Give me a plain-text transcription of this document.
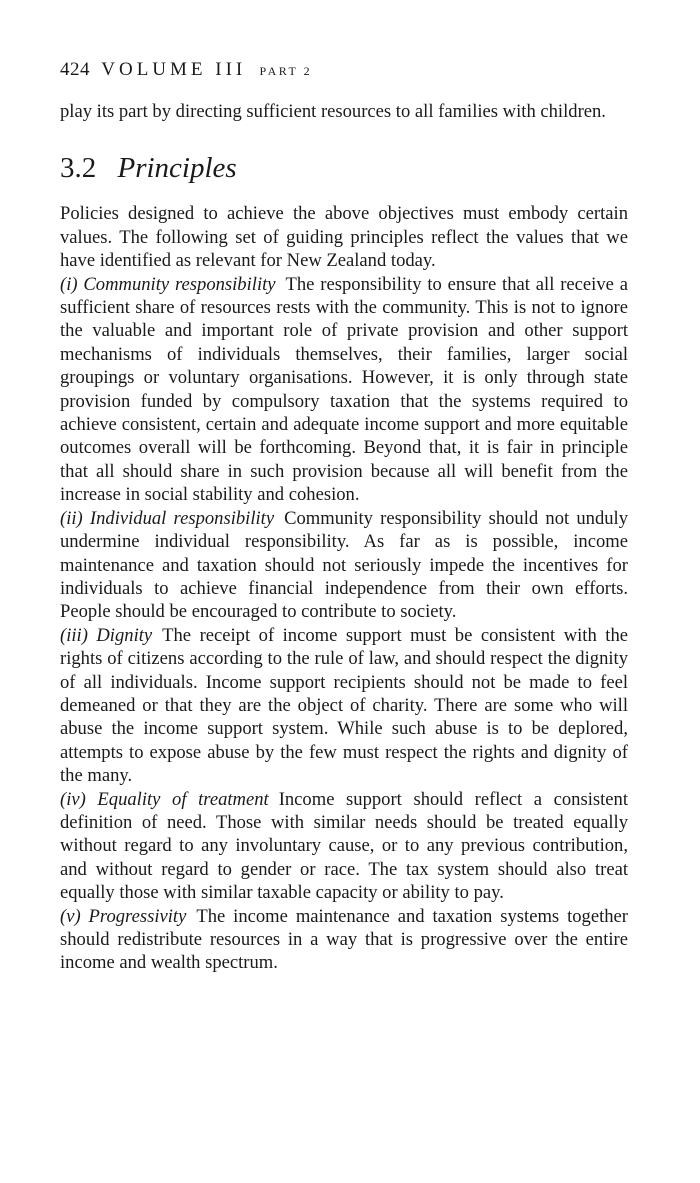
424 VOLUME III PART 2

play its part by directing sufficient resources to all families with children.

3.2 Principles

Policies designed to achieve the above objectives must embody certain values. The following set of guiding principles reflect the values that we have identified as relevant for New Zealand today.

(i) Community responsibility The responsibility to ensure that all receive a sufficient share of resources rests with the community. This is not to ignore the valuable and important role of private provision and other support mechanisms of individuals themselves, their families, larger social groupings or voluntary organisations. However, it is only through state provision funded by compulsory taxation that the systems required to achieve consistent, certain and adequate income support and more equitable outcomes overall will be forthcoming. Beyond that, it is fair in principle that all should share in such provision because all will benefit from the increase in social stability and cohesion.

(ii) Individual responsibility Community responsibility should not unduly undermine individual responsibility. As far as is possible, income maintenance and taxation should not seriously impede the incentives for individuals to achieve financial independence from their own efforts. People should be encouraged to contribute to society.

(iii) Dignity The receipt of income support must be consistent with the rights of citizens according to the rule of law, and should respect the dignity of all individuals. Income support recipients should not be made to feel demeaned or that they are the object of charity. There are some who will abuse the income support system. While such abuse is to be deplored, attempts to expose abuse by the few must respect the rights and dignity of the many.

(iv) Equality of treatment Income support should reflect a consistent definition of need. Those with similar needs should be treated equally without regard to any involuntary cause, or to any previous contribution, and without regard to gender or race. The tax system should also treat equally those with similar taxable capacity or ability to pay.

(v) Progressivity The income maintenance and taxation systems together should redistribute resources in a way that is progressive over the entire income and wealth spectrum.
